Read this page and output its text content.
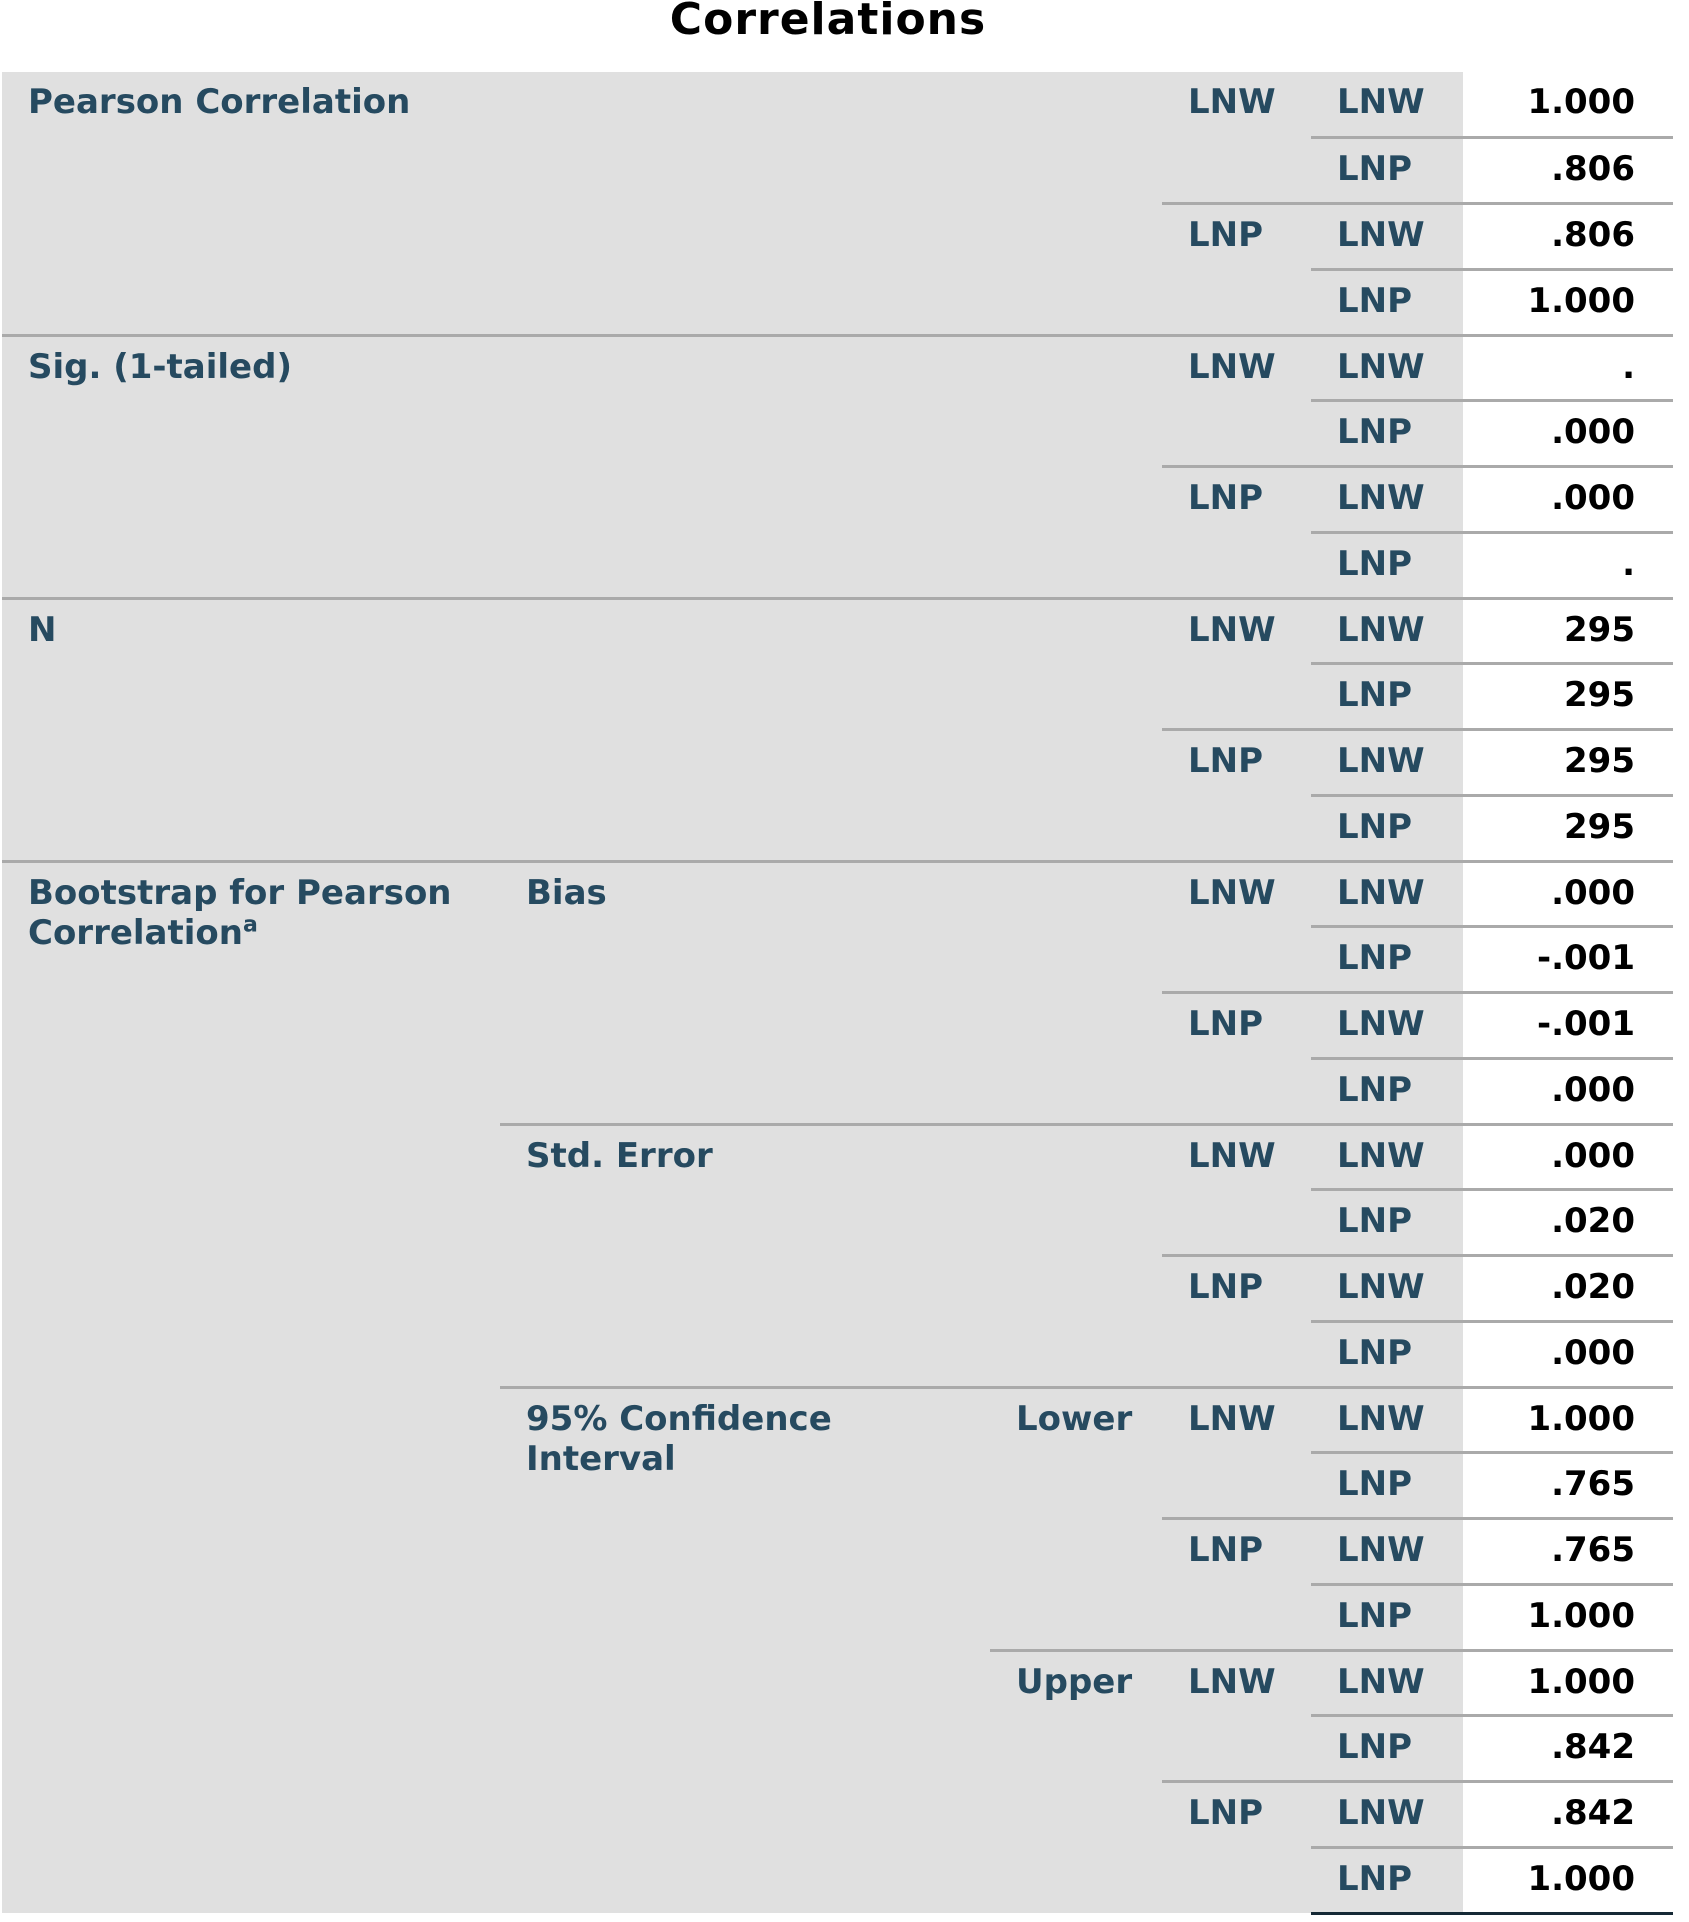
Correlations
Pearson Correlation			LNW	LNW	1.000
				LNP	.806
			LNP	LNW	.806
				LNP	1.000
Sig. (1-tailed)			LNW	LNW	.
				LNP	.000
			LNP	LNW	.000
				LNP	.
N			LNW	LNW	295
				LNP	295
			LNP	LNW	295
				LNP	295
Bootstrap for Pearson Correlation$^a$	Bias		LNW	LNW	.000
				LNP	-.001
			LNP	LNW	-.001
				LNP	.000
	Std. Error		LNW	LNW	.000
				LNP	.020
			LNP	LNW	.020
				LNP	.000
	95% Confidence Interval	Lower	LNW	LNW	1.000
				LNP	.765
			LNP	LNW	.765
				LNP	1.000
		Upper	LNW	LNW	1.000
				LNP	.842
			LNP	LNW	.842
				LNP	1.000
